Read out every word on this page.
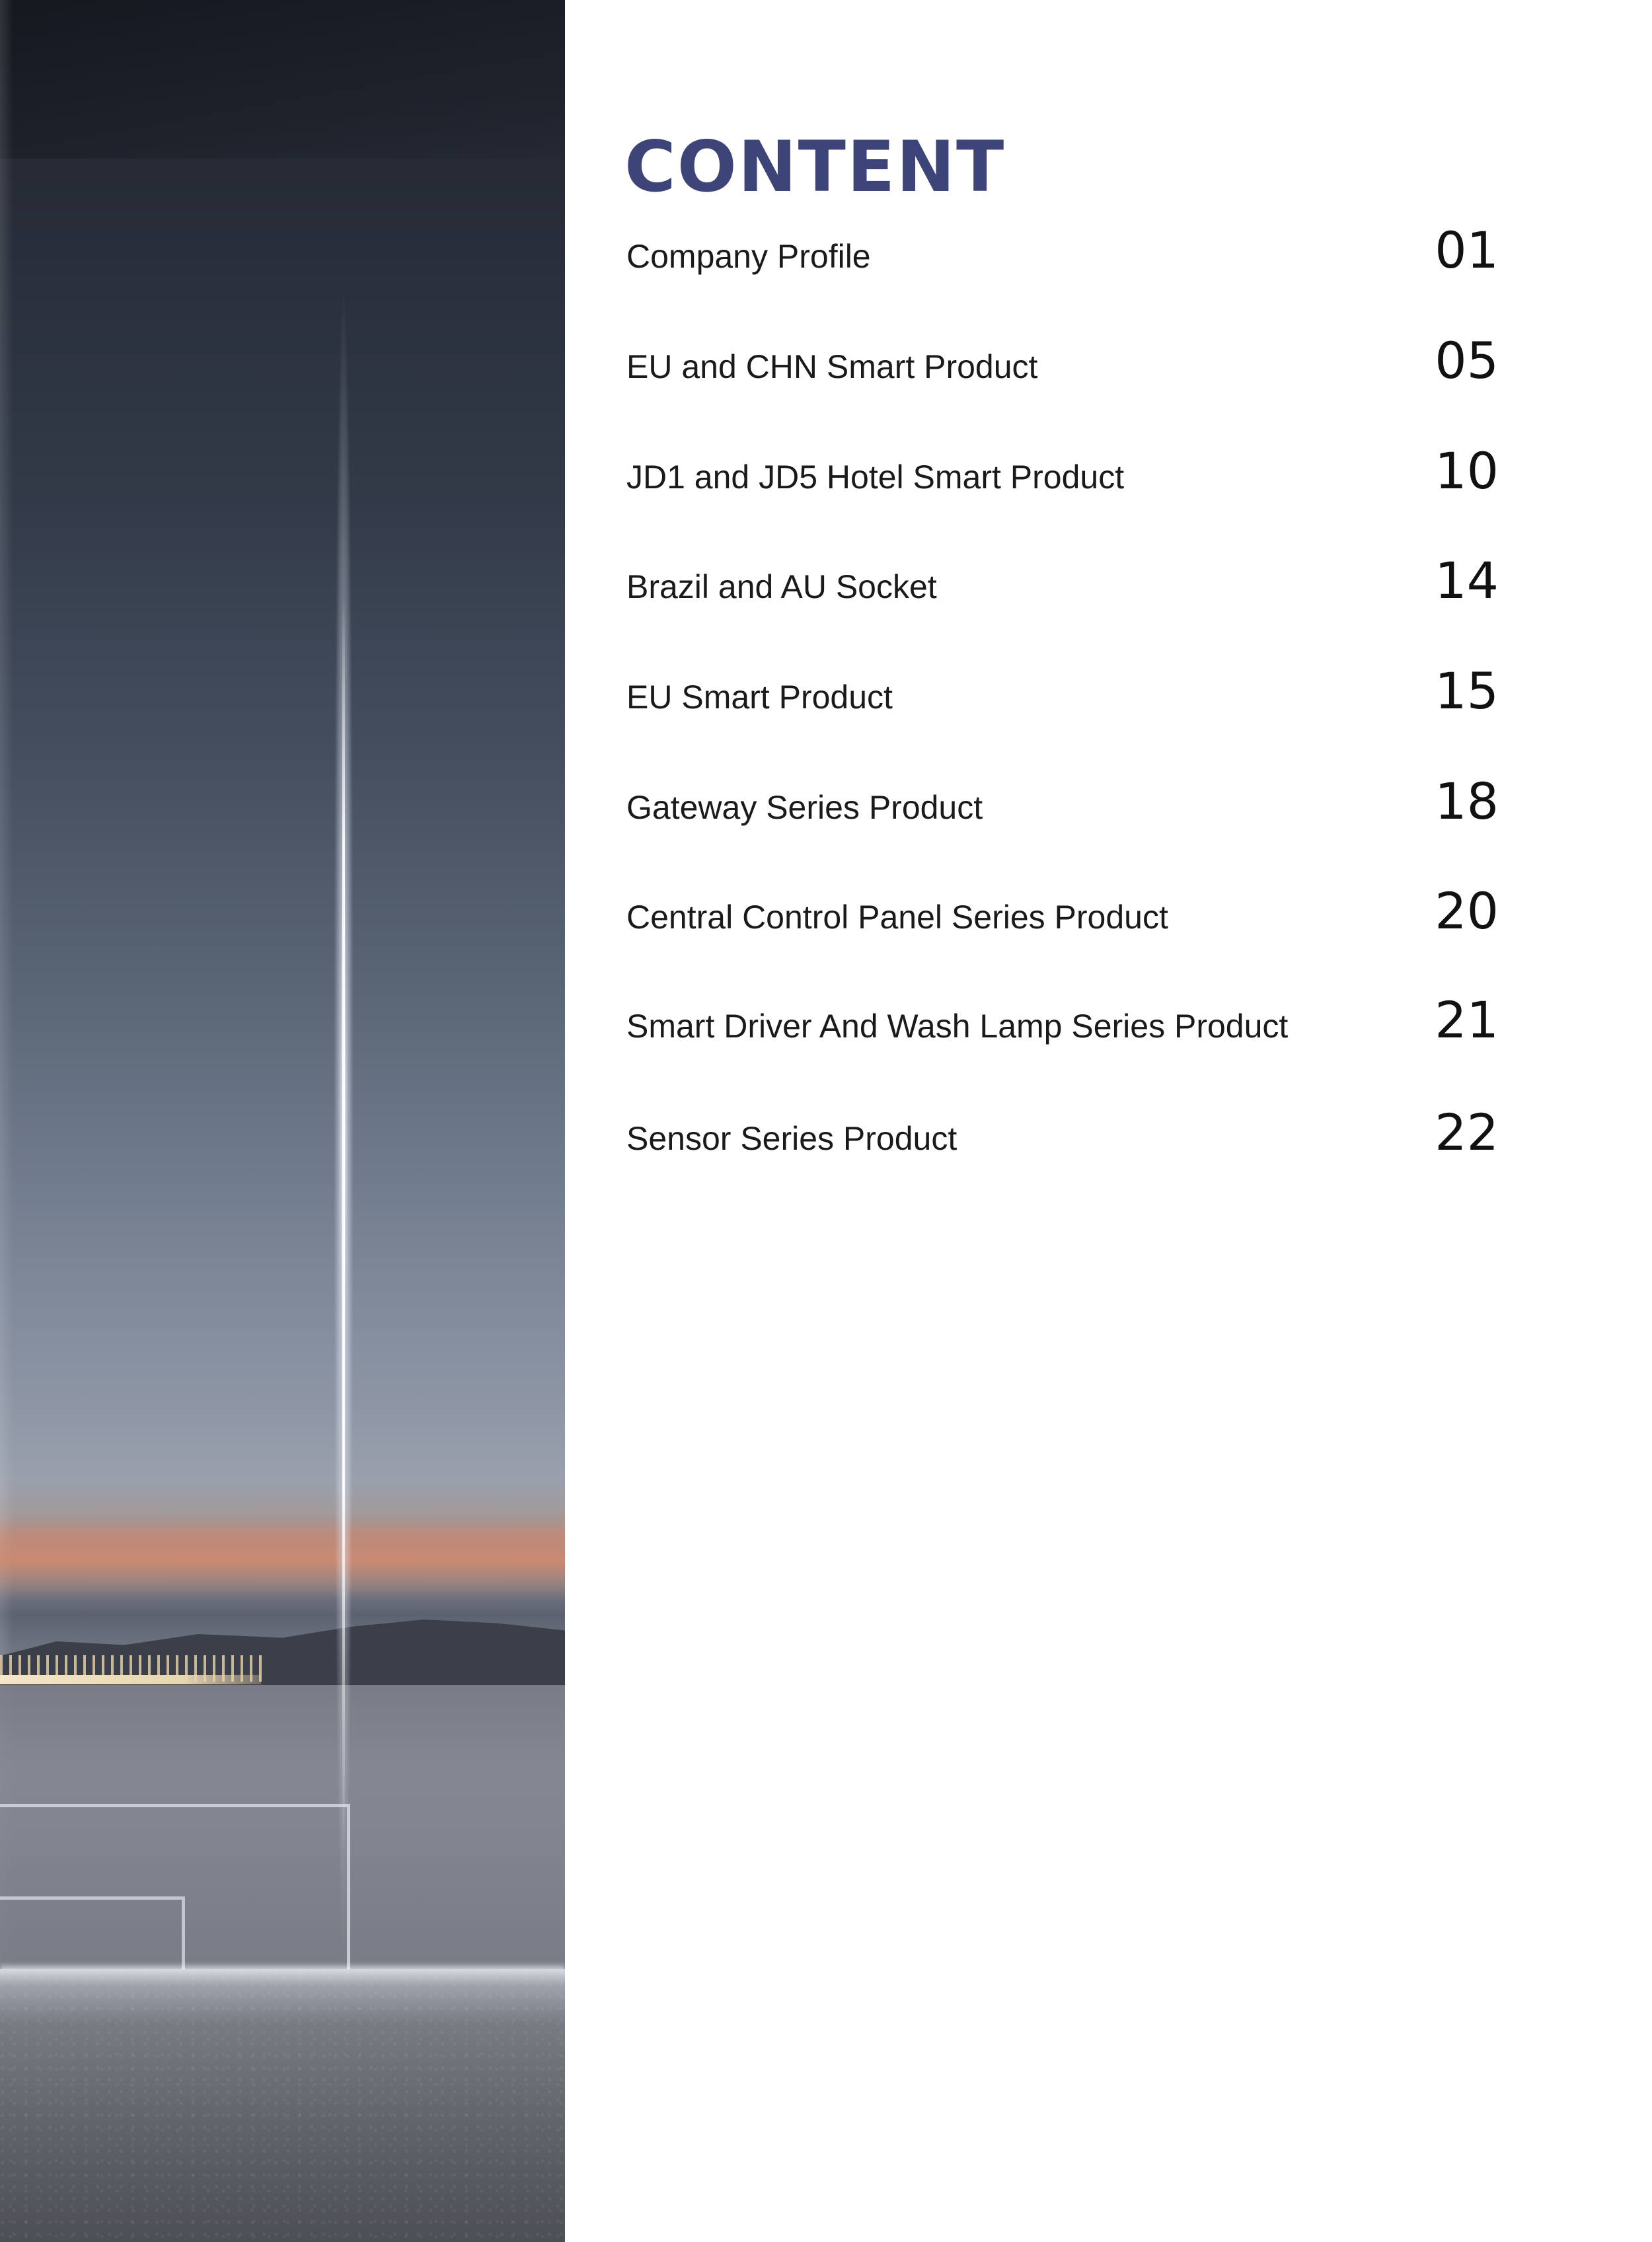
CONTENT
Company Profile	01
EU and CHN Smart Product	05
JD1 and JD5 Hotel Smart Product	10
Brazil and AU Socket	14
EU Smart Product	15
Gateway Series Product	18
Central Control Panel Series Product	20
Smart Driver And Wash Lamp Series Product	21
Sensor Series Product	22
